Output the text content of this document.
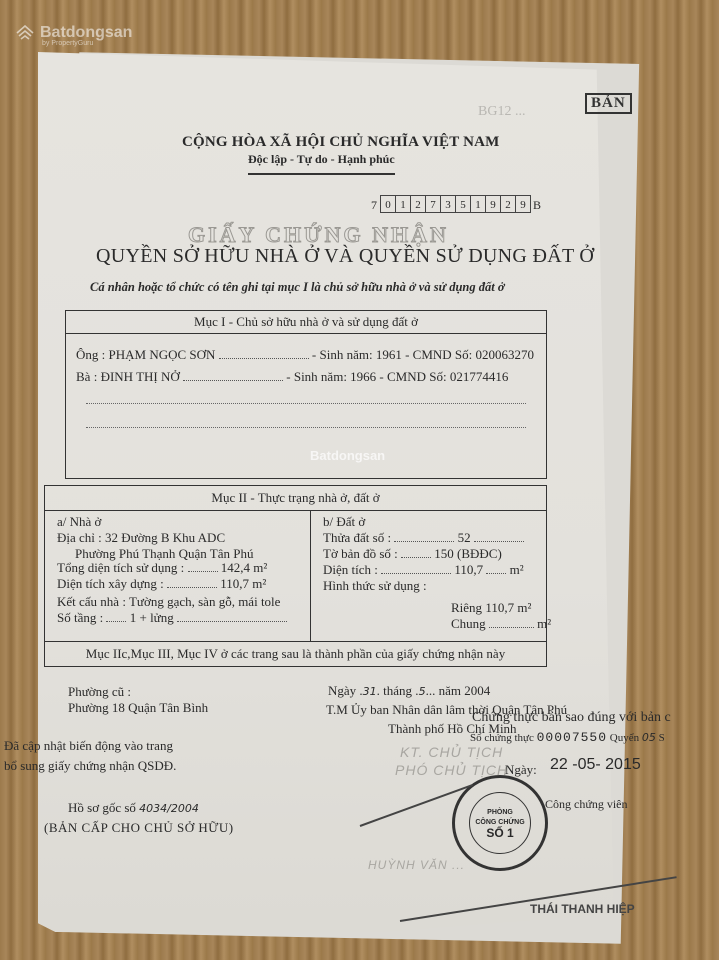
Batdongsan
by PropertyGuru
BẢN
BG12 ...
CỘNG HÒA XÃ HỘI CHỦ NGHĨA VIỆT NAM
Độc lập - Tự do - Hạnh phúc
7 0 1 2 7 3 5 1 9 2 9 B
GIẤY CHỨNG NHẬN
QUYỀN SỞ HỮU NHÀ Ở VÀ QUYỀN SỬ DỤNG ĐẤT Ở
Cá nhân hoặc tổ chức có tên ghi tại mục I là chủ sở hữu nhà ở và sử dụng đất ở
Mục I - Chủ sở hữu nhà ở và sử dụng đất ở
Ông : PHẠM NGỌC SƠN	- Sinh năm: 1961 - CMND Số: 020063270
Bà : ĐINH THỊ NỞ	- Sinh năm: 1966 - CMND Số: 021774416
Batdongsan
Mục II - Thực trạng nhà ở, đất ở
a/ Nhà ở
Địa chỉ : 32 Đường B Khu ADC
Phường Phú Thạnh Quận Tân Phú
Tổng diện tích sử dụng :	142,4 m²
Diện tích xây dựng :	110,7 m²
Kết cấu nhà : Tường gạch, sàn gỗ, mái tole
Số tầng : 1 + lửng
b/ Đất ở
Thửa đất số :	52
Tờ bản đồ số :	150 (BĐĐC)
Diện tích :	110,7 m²
Hình thức sử dụng :
Riêng 110,7 m²
Chung	m²
Mục IIc,Mục III, Mục IV ở các trang sau là thành phần của giấy chứng nhận này
Phường cũ :
Phường 18 Quận Tân Bình
Đã cập nhật biến động vào trang
bổ sung giấy chứng nhận QSDĐ.
Hồ sơ gốc số 4034/2004
(BẢN CẤP CHO CHỦ SỞ HỮU)
Ngày .31. tháng .5... năm 2004
T.M Ủy ban Nhân dân lâm thời Quận Tân Phú
Thành phố Hồ Chí Minh
KT. CHỦ TỊCH
PHÓ CHỦ TỊCH
Chứng thực bản sao đúng với bản c
Số chứng thực 00007550 Quyển 05 S
Ngày: 22 -05- 2015
Công chứng viên
PHÒNG
CÔNG CHỨNG
SỐ 1
HUỲNH VĂN ...
THÁI THANH HIỆP
